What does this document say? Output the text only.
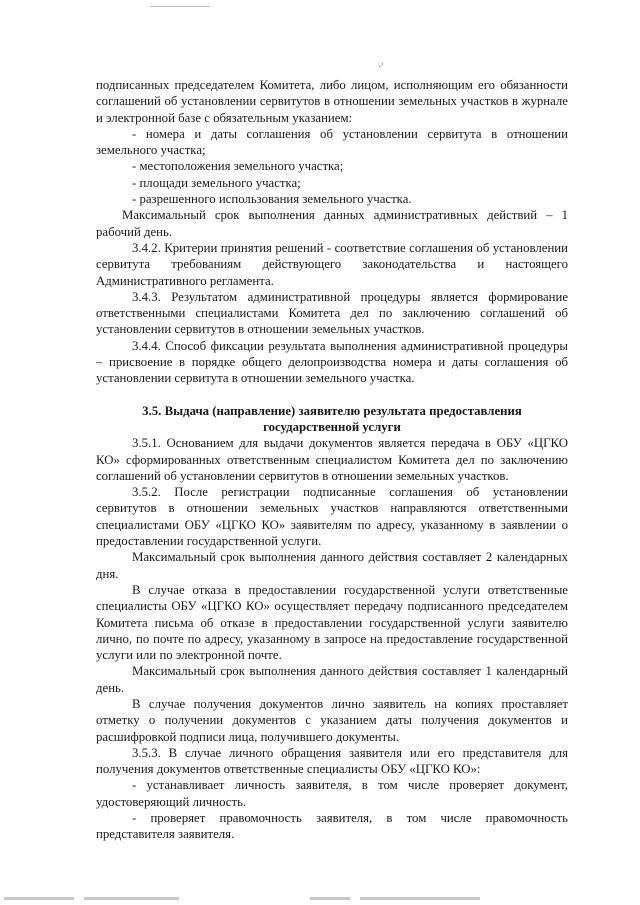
·'

подписанных председателем Комитета, либо лицом, исполняющим его обязанности соглашений об установлении сервитутов в отношении земельных участков в журнале и электронной базе с обязательным указанием:

- номера и даты соглашения об установлении сервитута в отношении земельного участка;

- местоположения земельного участка;

- площади земельного участка;

- разрешенного использования земельного участка.

Максимальный срок выполнения данных административных действий – 1 рабочий день.

3.4.2. Критерии принятия решений - соответствие соглашения об установлении сервитута требованиям действующего законодательства и настоящего Административного регламента.

3.4.3. Результатом административной процедуры является формирование ответственными специалистами Комитета дел по заключению соглашений об установлении сервитутов в отношении земельных участков.

3.4.4. Способ фиксации результата выполнения административной процедуры – присвоение в порядке общего делопроизводства номера и даты соглашения об установлении сервитута в отношении земельного участка.

3.5. Выдача (направление) заявителю результата предоставления

государственной услуги

3.5.1. Основанием для выдачи документов является передача в ОБУ «ЦГКО КО» сформированных ответственным специалистом Комитета дел по заключению соглашений об установлении сервитутов в отношении земельных участков.

3.5.2. После регистрации подписанные соглашения об установлении сервитутов в отношении земельных участков направляются ответственными специалистами ОБУ «ЦГКО КО» заявителям по адресу, указанному в заявлении о предоставлении государственной услуги.

Максимальный срок выполнения данного действия составляет 2 календарных дня.

В случае отказа в предоставлении государственной услуги ответственные специалисты ОБУ «ЦГКО КО» осуществляет передачу подписанного председателем Комитета письма об отказе в предоставлении государственной услуги заявителю лично, по почте по адресу, указанному в запросе на предоставление государственной услуги или по электронной почте.

Максимальный срок выполнения данного действия составляет 1 календарный день.

В случае получения документов лично заявитель на копиях проставляет отметку о получении документов с указанием даты получения документов и расшифровкой подписи лица, получившего документы.

3.5.3. В случае личного обращения заявителя или его представителя для получения документов ответственные специалисты ОБУ «ЦГКО КО»:

- устанавливает личность заявителя, в том числе проверяет документ, удостоверяющий личность.

- проверяет правомочность заявителя, в том числе правомочность представителя заявителя.
